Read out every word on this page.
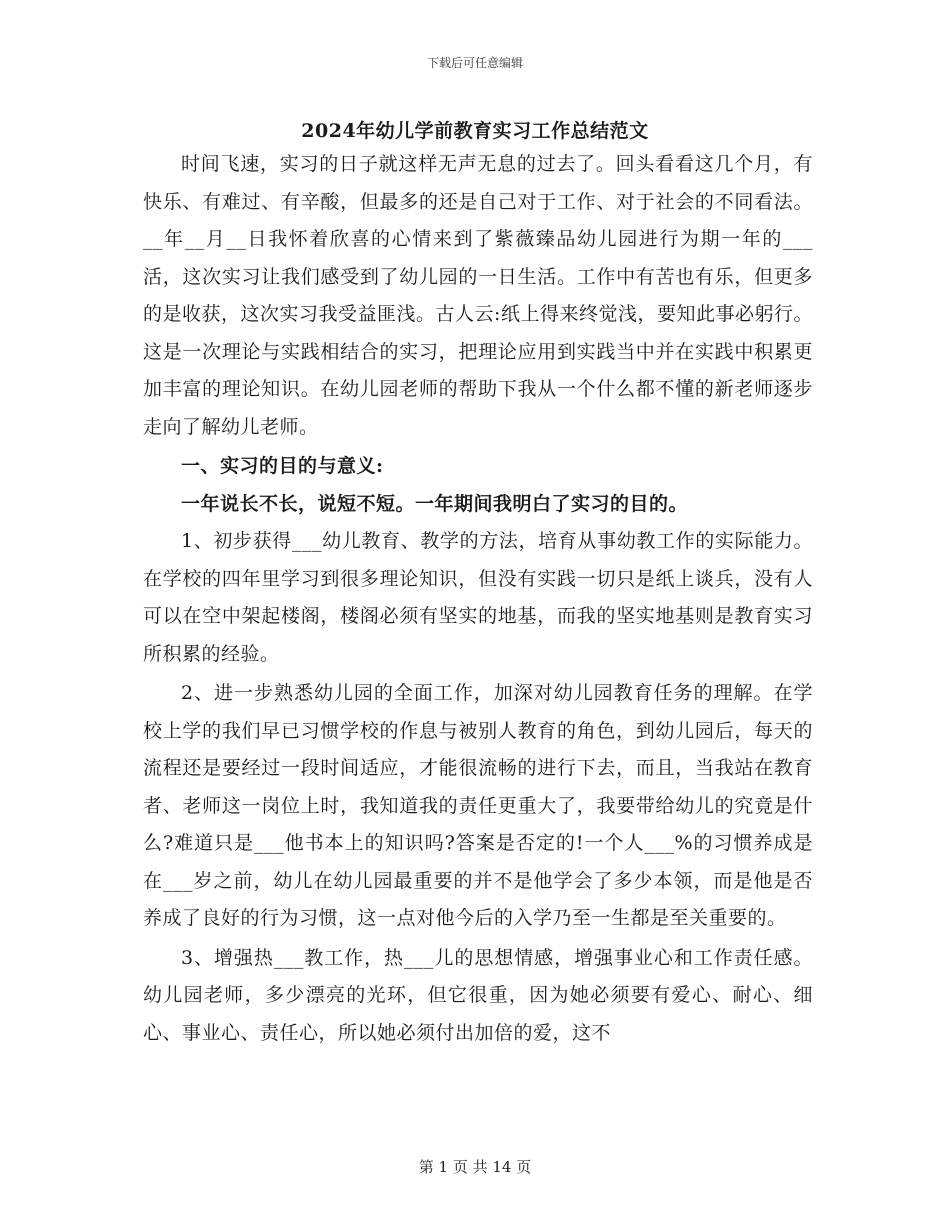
下载后可任意编辑
2024年幼儿学前教育实习工作总结范文

时间飞速，实习的日子就这样无声无息的过去了。回头看看这几个月，有快乐、有难过、有辛酸，但最多的还是自己对于工作、对于社会的不同看法。__年__月__日我怀着欣喜的心情来到了紫薇臻品幼儿园进行为期一年的___活，这次实习让我们感受到了幼儿园的一日生活。工作中有苦也有乐，但更多的是收获，这次实习我受益匪浅。古人云:纸上得来终觉浅，要知此事必躬行。这是一次理论与实践相结合的实习，把理论应用到实践当中并在实践中积累更加丰富的理论知识。在幼儿园老师的帮助下我从一个什么都不懂的新老师逐步走向了解幼儿老师。

一、实习的目的与意义:

一年说长不长，说短不短。一年期间我明白了实习的目的。

1、初步获得___幼儿教育、教学的方法，培育从事幼教工作的实际能力。在学校的四年里学习到很多理论知识，但没有实践一切只是纸上谈兵，没有人可以在空中架起楼阁，楼阁必须有坚实的地基，而我的坚实地基则是教育实习所积累的经验。

2、进一步熟悉幼儿园的全面工作，加深对幼儿园教育任务的理解。在学校上学的我们早已习惯学校的作息与被别人教育的角色，到幼儿园后，每天的流程还是要经过一段时间适应，才能很流畅的进行下去，而且，当我站在教育者、老师这一岗位上时，我知道我的责任更重大了，我要带给幼儿的究竟是什么?难道只是___他书本上的知识吗?答案是否定的!一个人___%的习惯养成是在___岁之前，幼儿在幼儿园最重要的并不是他学会了多少本领，而是他是否养成了良好的行为习惯，这一点对他今后的入学乃至一生都是至关重要的。

3、增强热___教工作，热___儿的思想情感，增强事业心和工作责任感。幼儿园老师，多少漂亮的光环，但它很重，因为她必须要有爱心、耐心、细心、事业心、责任心，所以她必须付出加倍的爱，这不

第 1 页 共 14 页
